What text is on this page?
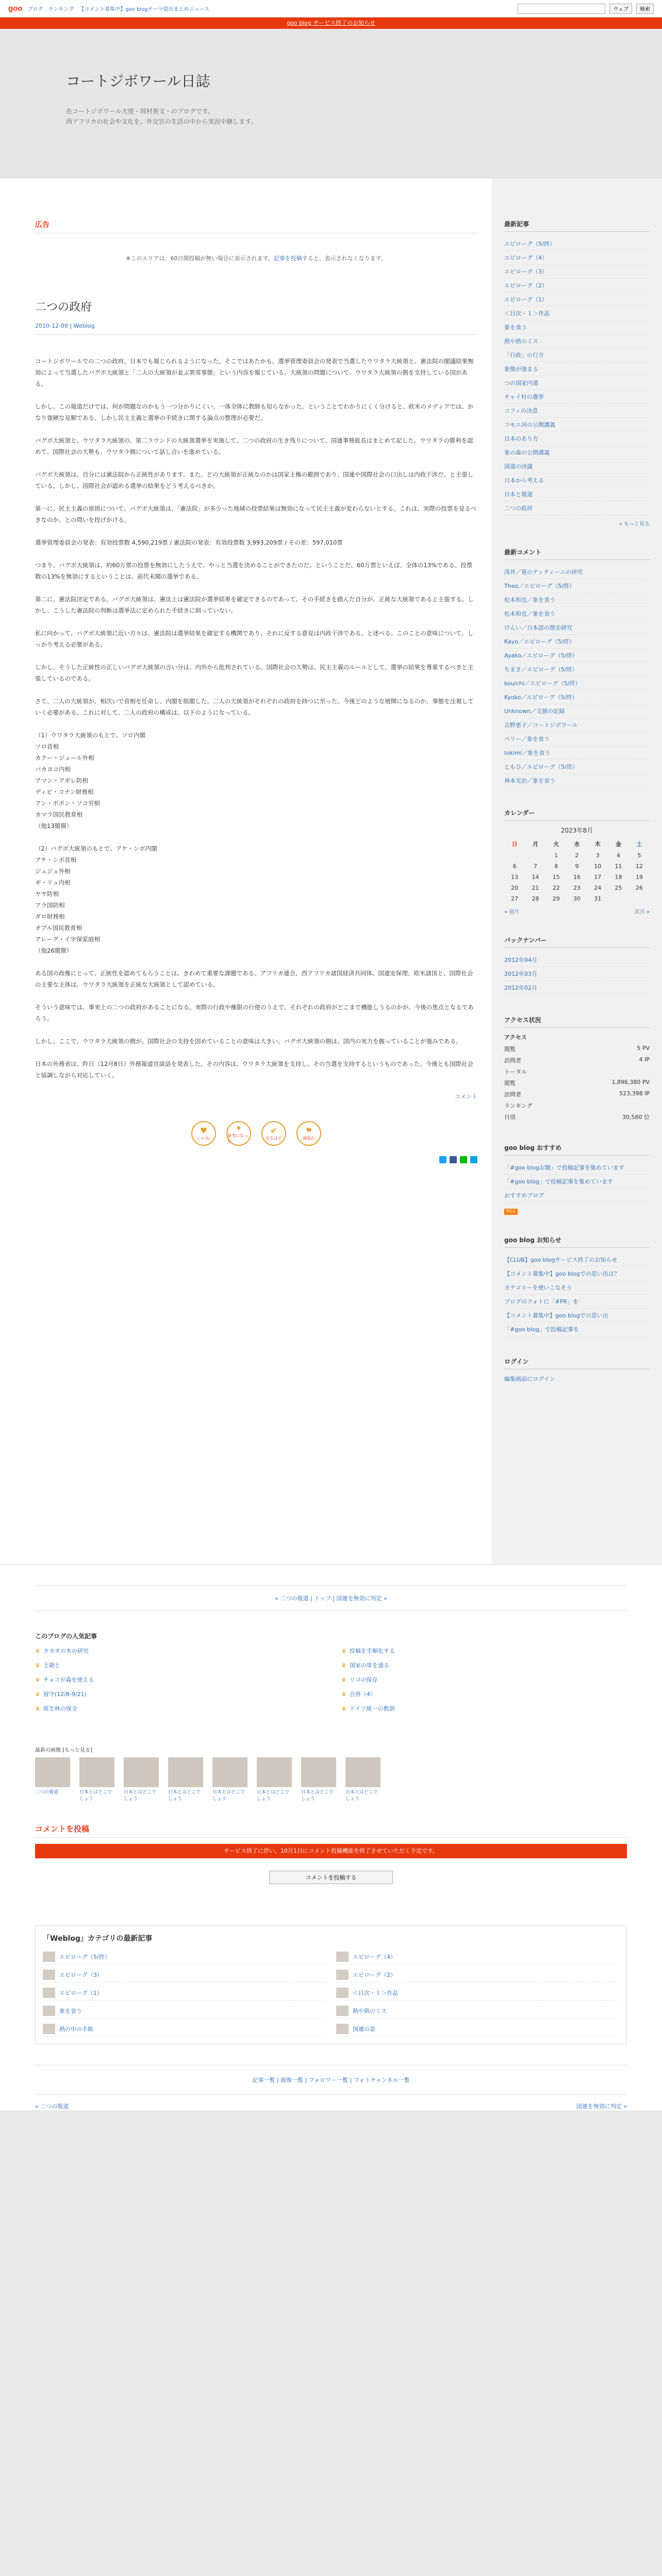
goo ブログ ランキング 【コメント募集中】goo blogテーマ提出まとめニュース	ウェブ	検索
goo blog サービス終了のお知らせ
コートジボワール日誌
在コートジボワール大使・岡村善文・のブログです。
西アフリカの社会や文化を、外交官の生活の中から実況中継します。
広告
※このエリアは、60日間投稿が無い場合に表示されます。記事を投稿すると、表示されなくなります。
二つの政府
2010-12-09 | Weblog

コートジボワールでの二つの政府。日本でも報じられるようになった。そこではあたかも、選挙管理委員会の発表で当選したウワタラ大統領と、憲法院の閣議結果無効によって当選したバグボ大統領と「二人の大統領が並ぶ異常事態」という内容を報じている。大統領の問題について、ウワタラ大統領の側を支持している国がある。

しかし、この報道だけでは、何が問題なのかもう一つ分かりにくい。一体全体に教師も知らなかった。ということでわかりにくく分けると、欧米のメディアでは、かなり強硬な見解である。しかし民主主義と選挙の手続きに関する論点の整理が必要だ。

バグボ大統領と、ウワタラ大統領の、第二ラウンドの大統領選挙を実施して、二つの政府の生き残りについて、国連事務総長はまとめて記した。ウワタラの勝利を認めて、国際社会の大勢も、ウワタラ側について話し合いを進めている。

バグボ大統領は、自分には憲法院から正統性があります、また、どの大統領が正統なのかは国家主権の範囲であり、国連や国際社会の口出しは内政干渉だ、と主張している。しかし、国際社会が認める選挙の結果をどう考えるべきか。

第一に、民主主義の原則について。バグボ大統領は、「憲法院」が多少った地域の投票結果は無効になって民主主義が変わらないとする。これは、実際の投票を見るべきなのか、との問いを投げかける。

選挙管理委員会の発表：有効投票数 4,590,219票 / 憲法院の発表：有効投票数 3,993,209票 / その差：597,010票

つまり、バグボ大統領は、約60万票の投票を無効にしたうえで、やっと当選を決めることができたのだ。ということだ。60万票といえば、全体の13%である。投票数の13%を無効にするということは、前代未聞の選挙である。

第二に、憲法院決定である。バグボ大統領は、憲法上は憲法院が選挙結果を確定できるのであって、その手続きを踏んだ自分が、正統な大統領であると主張する。しかし、こうした憲法院の判断は選挙法に定められた手続きに則っていない。

私に向かって、バグボ大統領に近い方々は、憲法院は選挙結果を確定する機関であり、それに反する意見は内政干渉である、と述べる。このことの意味について、しっかり考える必要がある。

しかし、そうした正統性の正しいバグボ大統領の言い分は、内外から批判されている。国際社会の大勢は、民主主義のルールとして、選挙の結果を尊重するべきと主張しているのである。

さて、二人の大統領が、相次いで首相を任命し、内閣を組閣した。二人の大統領がそれぞれの政府を持つに至った。今後どのような展開になるのか、事態を注視していく必要がある。これに対して、二人の政府の構成は、以下のようになっている。

（1）ウワタラ大統領のもとで、ソロ内閣
ソロ首相
カクー・ジュール外相
バカヨコ内相
アマン・アギレ防相
ディビ・コナン財務相
アン・ボボン・ソコ労相
カマラ国民教育相
（他13閣僚）

（2）バグボ大統領のもとで、アケ・ンボ内閣
アケ・ンボ首相
ジュジュ外相
ギ・リュ内相
ヤヤ防相
アラ国防相
ダロ財務相
オブル国民教育相
アレーグ・イ宇保家庭相
（他26閣僚）

ある国の政権にとって、正統性を認めてもらうことは、きわめて重要な課題である。アフリカ連合、西アフリカ諸国経済共同体、国連安保理、欧米諸国と、国際社会の主要な主体は、ウワタラ大統領を正統な大統領として認めている。

そういう意味では、事実上の二つの政府があることになる。実際の行政や権限の行使のうえで、それぞれの政府がどこまで機能しうるのかが、今後の焦点となるであろう。

しかし、ここで、ウワタラ大統領の側が、国際社会の支持を固めていることの意味は大きい。バグボ大統領の側は、国内の実力を握っていることが強みである。

日本の外務省は、昨日（12月8日）外務報道官談話を発表した。その内容は、ウワタラ大統領を支持し、その当選を支持するというものであった。今後とも国際社会と協調しながら対応していく。

コメント
♥
いいね
✦
参考になった
✔
なるほど
⚑
頑張れ
最新記事
エピローグ（5/終）
エピローグ（4）
エピローグ（3）
エピローグ（2）
エピローグ（1）
＜目次・１＞作品
象を食う
熱や熱のミス
「行政」の行方
象徴が強まる
つの国家内道
チャイ村の選挙
コフィの決意
コモエ河の公開講義
日本のあり方
象の森の公開講義
国道の決議
日本から考える
日本と報道
二つの政府
» もっと見る
最新コメント
浅井／夏のティティーニの研究
Theo／エピローグ（5/終）
松本和也／象を食う
松本和也／象を食う
けんい／日本語の歴史研究
Kayo／エピローグ（5/終）
Ayako／エピローグ（5/終）
ちまき／エピローグ（5/終）
kouichi／エピローグ（5/終）
Kyoko／エピローグ（5/終）
Unknown／支援の記録
吉野恵子／コートジボワール
ベリー／象を食う
tokimi／象を食う
ともひ／エピローグ（5/終）
神本光治／象を食う
カレンダー
2023年8月
日	月	火	水	木	金	土
		1	2	3	4	5
6	7	8	9	10	11	12
13	14	15	16	17	18	19
20	21	22	23	24	25	26
27	28	29	30	31		
« 前月	次月 »
バックナンバー
2012年04月
2012年03月
2012年02月
アクセス状況
アクセス
閲覧	5 PV
訪問者	4 IP
トータル
閲覧	1,896,380 PV
訪問者	523,398 IP
ランキング
日別	30,580 位
goo blog おすすめ
「#goo blogお題」で投稿記事を集めています
「#goo blog」で投稿記事を集めています
おすすめブログ
RSS
goo blog お知らせ
【CLUB】goo blogサービス終了のお知らせ
【コメント募集中】goo blogでの思い出は？
カテゴリーを使いこなそう
ブログのフォトに「#PR」を
【コメント募集中】goo blogでの思い出
「#goo blog」で投稿記事を
ログイン
編集画面にログイン
« 二つの報道 | トップ | 国連を無効に判定 »
このブログの人気記事
♛ カカオの木の研究	♛ 投稿を手順化する
♛ 王朝と	♛ 国家の扉を通る
♛ チョコが森を使える	♛ リゴの保存
♛ 留守(12/8-9/21)	♛ 合併（4）
♛ 原生林の保全	♛ ドイツ統一の教訓
最新の画像 [もっと見る]
二つの報道	日本とはどこでしょう
日本とはどこでしょう
日本とはどこでしょう
日本とはどこでしょう
日本とはどこでしょう
日本とはどこでしょう
日本とはどこでしょう
コメントを投稿
サービス終了に伴い、10月1日にコメント投稿機能を終了させていただく予定です。
コメントを投稿する
「Weblog」カテゴリの最新記事
エピローグ（5/終）	エピローグ（4）
エピローグ（3）	エピローグ（2）
エピローグ（1）	＜目次・１＞作品
象を食う	熱や熱のミス
熱の中の手紙	国連の姿
記事一覧 | 画像一覧 | フォロワー一覧 | フォトチャンネル一覧
« 二つの報道	国連を無効に判定 »
